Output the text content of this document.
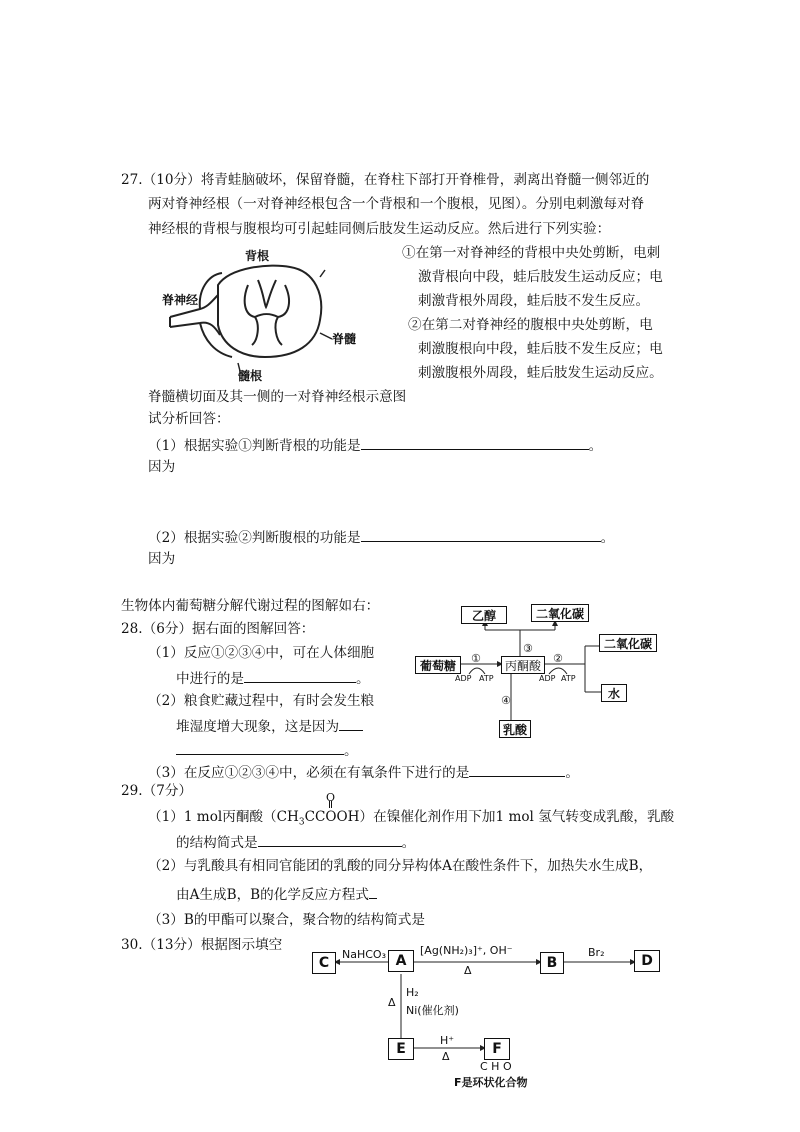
27.（10分）将青蛙脑破坏，保留脊髓，在脊柱下部打开脊椎骨，剥离出脊髓一侧邻近的
两对脊神经根（一对脊神经根包含一个背根和一个腹根，见图）。分别电刺激每对脊
神经根的背根与腹根均可引起蛙同侧后肢发生运动反应。然后进行下列实验：
背根
脊神经
脊髓
髓根
①在第一对脊神经的背根中央处剪断，电刺
激背根向中段，蛙后肢发生运动反应；电
刺激背根外周段，蛙后肢不发生反应。
②在第二对脊神经的腹根中央处剪断，电
刺激腹根向中段，蛙后肢不发生反应；电
刺激腹根外周段，蛙后肢发生运动反应。
脊髓横切面及其一侧的一对脊神经根示意图
试分析回答：
（1）根据实验①判断背根的功能是	。
因为
（2）根据实验②判断腹根的功能是	。
因为
生物体内葡萄糖分解代谢过程的图解如右：
28.（6分）据右面的图解回答：
（1）反应①②③④中，可在人体细胞
中进行的是	。
（2）粮食贮藏过程中，有时会发生粮
堆湿度增大现象，这是因为
。
（3）在反应①②③④中，必须在有氧条件下进行的是	。
乙醇	二氧化碳
二氧化碳
葡萄糖	丙酮酸
水
乳酸
①	②
③
④
ADP ATP	ADP ATP
29.（7分）	O
（1）1 mol丙酮酸$(CH_3CCOOH)$在镍催化剂作用下加1 mol 氢气转变成乳酸，乳酸
的结构简式是	。
（2）与乳酸具有相同官能团的乳酸的同分异构体A在酸性条件下，加热失水生成B，
由A生成B，B的化学反应方程式
（3）B的甲酯可以聚合，聚合物的结构简式是
30.（13分）根据图示填空
C	A	B	D
E	F
NaHCO₃	[Ag(NH₂)₃]⁺, OH⁻
Δ
Br₂
Δ
H₂
Ni(催化剂)
H⁺
Δ
C H O
F是环状化合物
